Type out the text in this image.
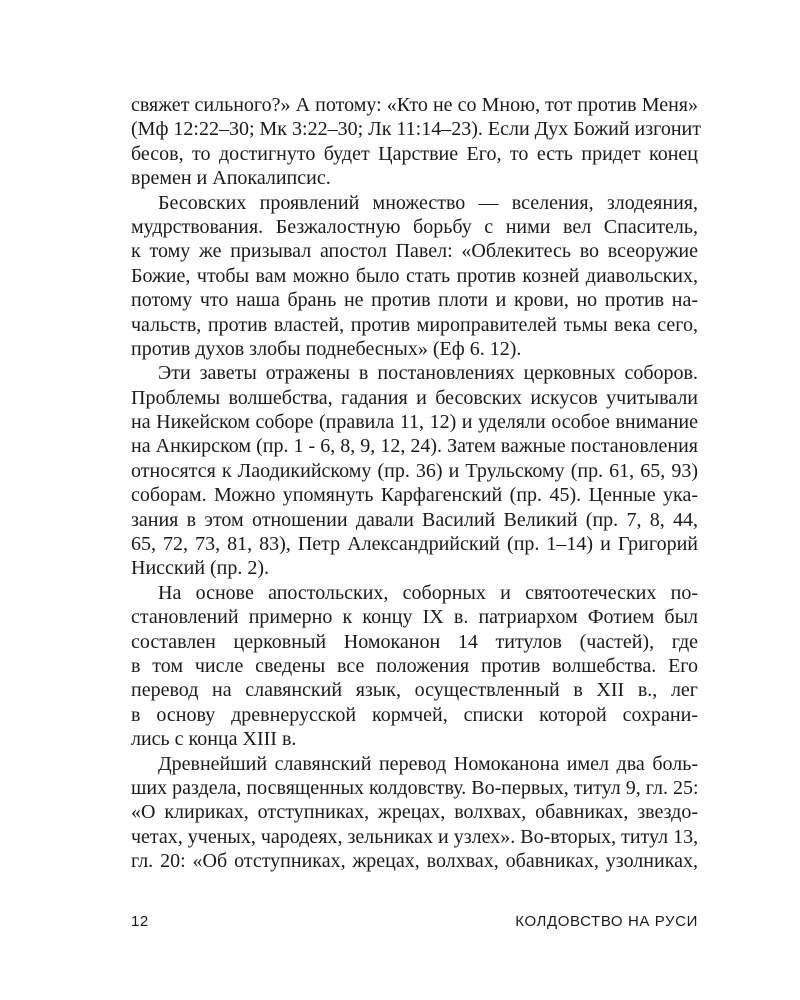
свяжет сильного?» А потому: «Кто не со Мною, тот против Меня»
(Мф 12:22–30; Мк 3:22–30; Лк 11:14–23). Если Дух Божий изгонит
бесов, то достигнуто будет Царствие Его, то есть придет конец
времен и Апокалипсис.
Бесовских проявлений множество — вселения, злодеяния,
мудрствования. Безжалостную борьбу с ними вел Спаситель,
к тому же призывал апостол Павел: «Облекитесь во всеоружие
Божие, чтобы вам можно было стать против козней диавольских,
потому что наша брань не против плоти и крови, но против на-
чальств, против властей, против мироправителей тьмы века сего,
против духов злобы поднебесных» (Еф 6. 12).
Эти заветы отражены в постановлениях церковных соборов.
Проблемы волшебства, гадания и бесовских искусов учитывали
на Никейском соборе (правила 11, 12) и уделяли особое внимание
на Анкирском (пр. 1 - 6, 8, 9, 12, 24). Затем важные постановления
относятся к Лаодикийскому (пр. 36) и Трульскому (пр. 61, 65, 93)
соборам. Можно упомянуть Карфагенский (пр. 45). Ценные ука-
зания в этом отношении давали Василий Великий (пр. 7, 8, 44,
65, 72, 73, 81, 83), Петр Александрийский (пр. 1–14) и Григорий
Нисский (пр. 2).
На основе апостольских, соборных и святоотеческих по-
становлений примерно к концу IX в. патриархом Фотием был
составлен церковный Номоканон 14 титулов (частей), где
в том числе сведены все положения против волшебства. Его
перевод на славянский язык, осуществленный в XII в., лег
в основу древнерусской кормчей, списки которой сохрани-
лись с конца XIII в.
Древнейший славянский перевод Номоканона имел два боль-
ших раздела, посвященных колдовству. Во-первых, титул 9, гл. 25:
«О клириках, отступниках, жрецах, волхвах, обавниках, звездо-
четах, ученых, чародеях, зельниках и узлех». Во-вторых, титул 13,
гл. 20: «Об отступниках, жрецах, волхвах, обавниках, узолниках,
12	КОЛДОВСТВО НА РУСИ
